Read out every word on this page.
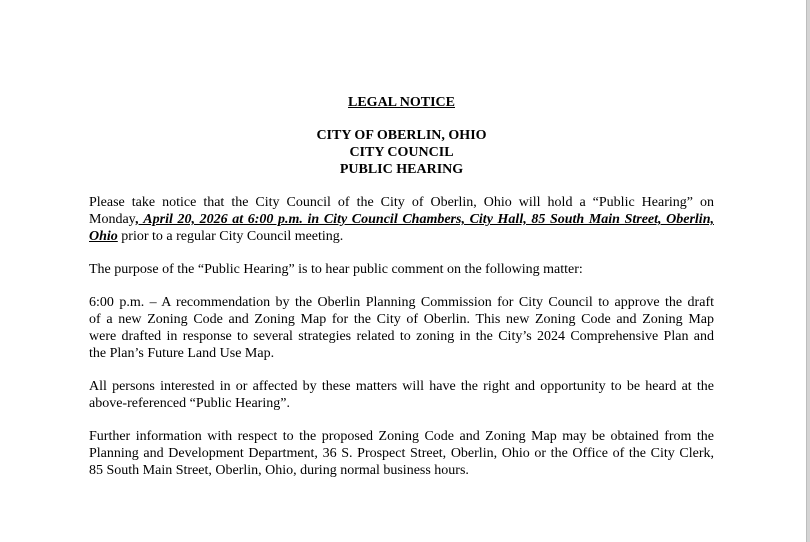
LEGAL NOTICE
CITY OF OBERLIN, OHIO
CITY COUNCIL
PUBLIC HEARING
Please take notice that the City Council of the City of Oberlin, Ohio will hold a “Public Hearing” on
Monday, April 20, 2026 at 6:00 p.m. in City Council Chambers, City Hall, 85 South Main Street, Oberlin,
Ohio prior to a regular City Council meeting.
The purpose of the “Public Hearing” is to hear public comment on the following matter:
6:00 p.m. – A recommendation by the Oberlin Planning Commission for City Council to approve the draft
of a new Zoning Code and Zoning Map for the City of Oberlin. This new Zoning Code and Zoning Map
were drafted in response to several strategies related to zoning in the City’s 2024 Comprehensive Plan and
the Plan’s Future Land Use Map.
All persons interested in or affected by these matters will have the right and opportunity to be heard at the
above-referenced “Public Hearing”.
Further information with respect to the proposed Zoning Code and Zoning Map may be obtained from the
Planning and Development Department, 36 S. Prospect Street, Oberlin, Ohio or the Office of the City Clerk,
85 South Main Street, Oberlin, Ohio, during normal business hours.
